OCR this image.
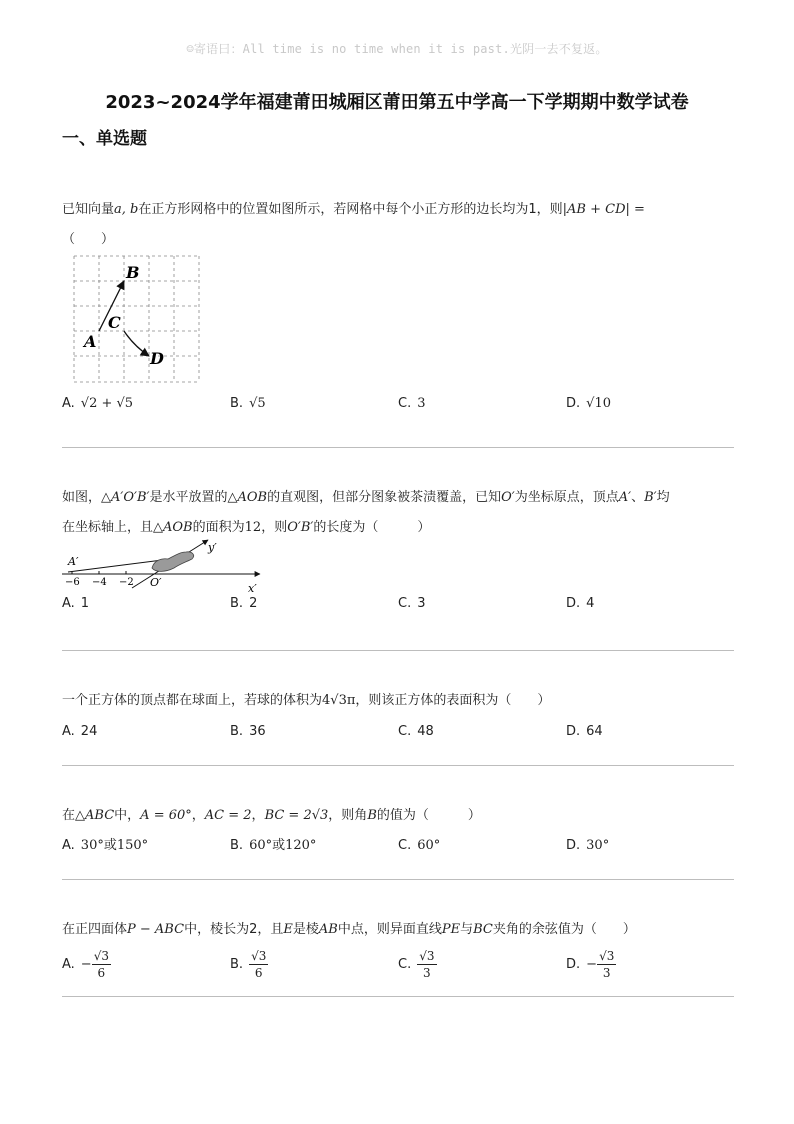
☺寄语曰：All time is no time when it is past.光阴一去不复返。
2023~2024学年福建莆田城厢区莆田第五中学高一下学期期中数学试卷
一、单选题

已知向量a, b在正方形网格中的位置如图所示，若网格中每个小正方形的边长均为1，则|AB + CD| =

（　　）

A
B
C
D
A. √2 + √5	B. √5	C. 3	D. √10

如图，△A′O′B′是水平放置的△AOB的直观图，但部分图象被茶渍覆盖，已知O′为坐标原点，顶点A′、B′均

在坐标轴上，且△AOB的面积为12，则O′B′的长度为（　　　）

−6 −4 −2
A′
O′
y′
x′
A. 1	B. 2	C. 3	D. 4

一个正方体的顶点都在球面上，若球的体积为4√3π，则该正方体的表面积为（　　）

A. 24	B. 36	C. 48	D. 64

在△ABC中，A = 60°，AC = 2，BC = 2√3，则角B的值为（　　　）

A. 30°或150°	B. 60°或120°	C. 60°	D. 30°

在正四面体P − ABC中，棱长为2，且E是棱AB中点，则异面直线PE与BC夹角的余弦值为（　　）

A. − $\frac{√3}{6}$	B. $\frac{√3}{6}$	C. $\frac{√3}{3}$	D. − $\frac{√3}{3}$
